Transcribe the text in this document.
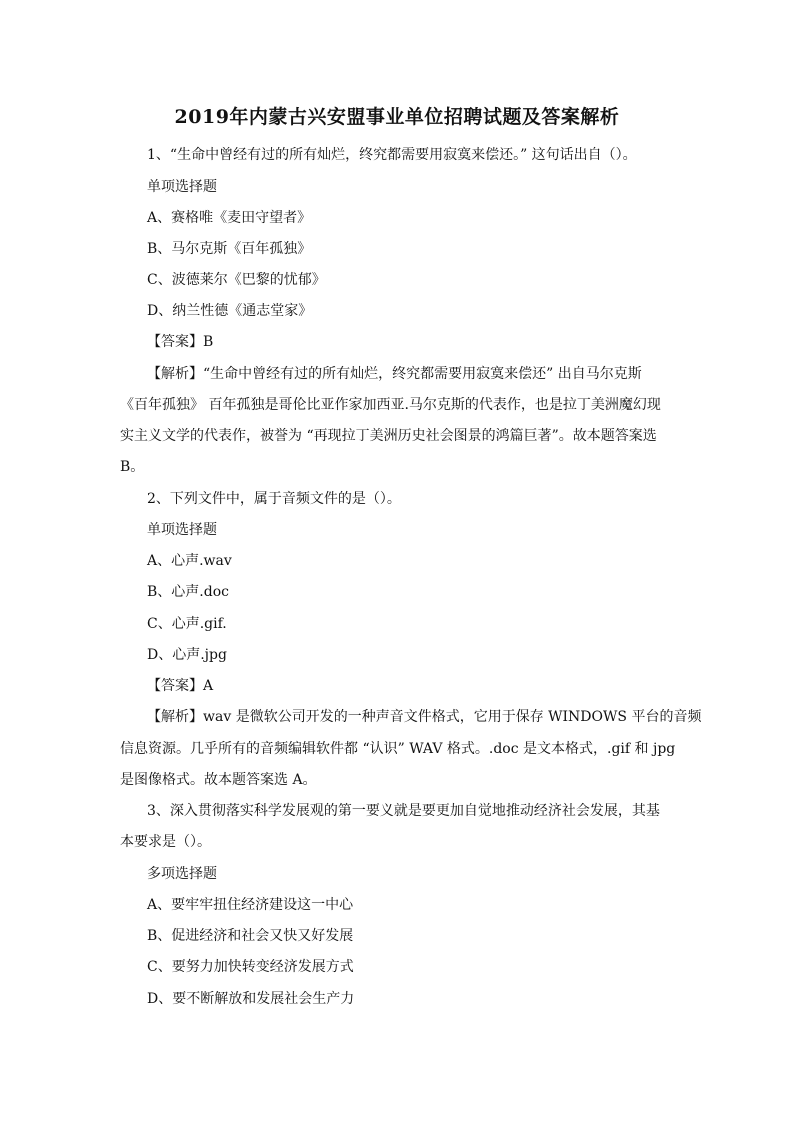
2019年内蒙古兴安盟事业单位招聘试题及答案解析
1、“生命中曾经有过的所有灿烂，终究都需要用寂寞来偿还。” 这句话出自（）。
单项选择题
A、赛格唯《麦田守望者》
B、马尔克斯《百年孤独》
C、波德莱尔《巴黎的忧郁》
D、纳兰性德《通志堂家》
【答案】B
【解析】“生命中曾经有过的所有灿烂，终究都需要用寂寞来偿还” 出自马尔克斯
《百年孤独》 百年孤独是哥伦比亚作家加西亚.马尔克斯的代表作，也是拉丁美洲魔幻现
实主义文学的代表作，被誉为 “再现拉丁美洲历史社会图景的鸿篇巨著”。故本题答案选
B。
2、下列文件中，属于音频文件的是（）。
单项选择题
A、心声.wav
B、心声.doc
C、心声.gif.
D、心声.jpg
【答案】A
【解析】wav 是微软公司开发的一种声音文件格式，它用于保存 WINDOWS 平台的音频
信息资源。几乎所有的音频编辑软件都 “认识” WAV 格式。.doc 是文本格式，.gif 和 jpg
是图像格式。故本题答案选 A。
3、深入贯彻落实科学发展观的第一要义就是要更加自觉地推动经济社会发展，其基
本要求是（）。
多项选择题
A、要牢牢扭住经济建设这一中心
B、促进经济和社会又快又好发展
C、要努力加快转变经济发展方式
D、要不断解放和发展社会生产力
